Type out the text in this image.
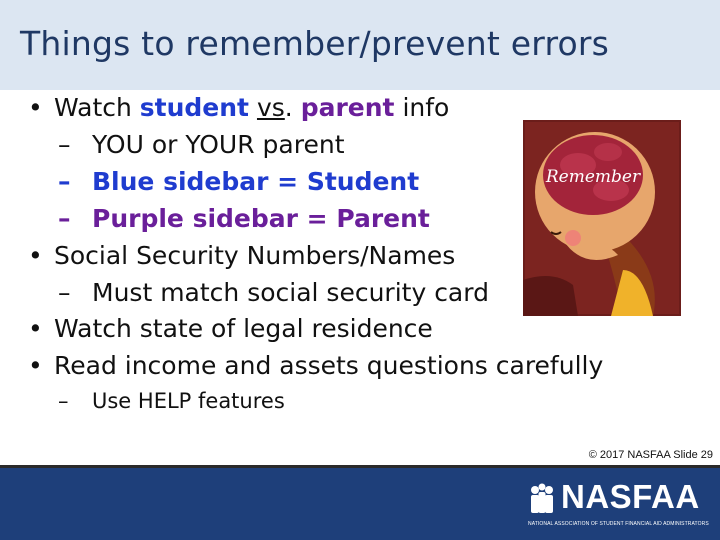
Things to remember/prevent errors
• Watch student vs. parent info
– YOU or YOUR parent
– Blue sidebar = Student
– Purple sidebar = Parent
• Social Security Numbers/Names
– Must match social security card
• Watch state of legal residence
• Read income and assets questions carefully
– Use HELP features
Remember
© 2017 NASFAA Slide 29
NASFAA
NATIONAL ASSOCIATION OF STUDENT FINANCIAL AID ADMINISTRATORS
